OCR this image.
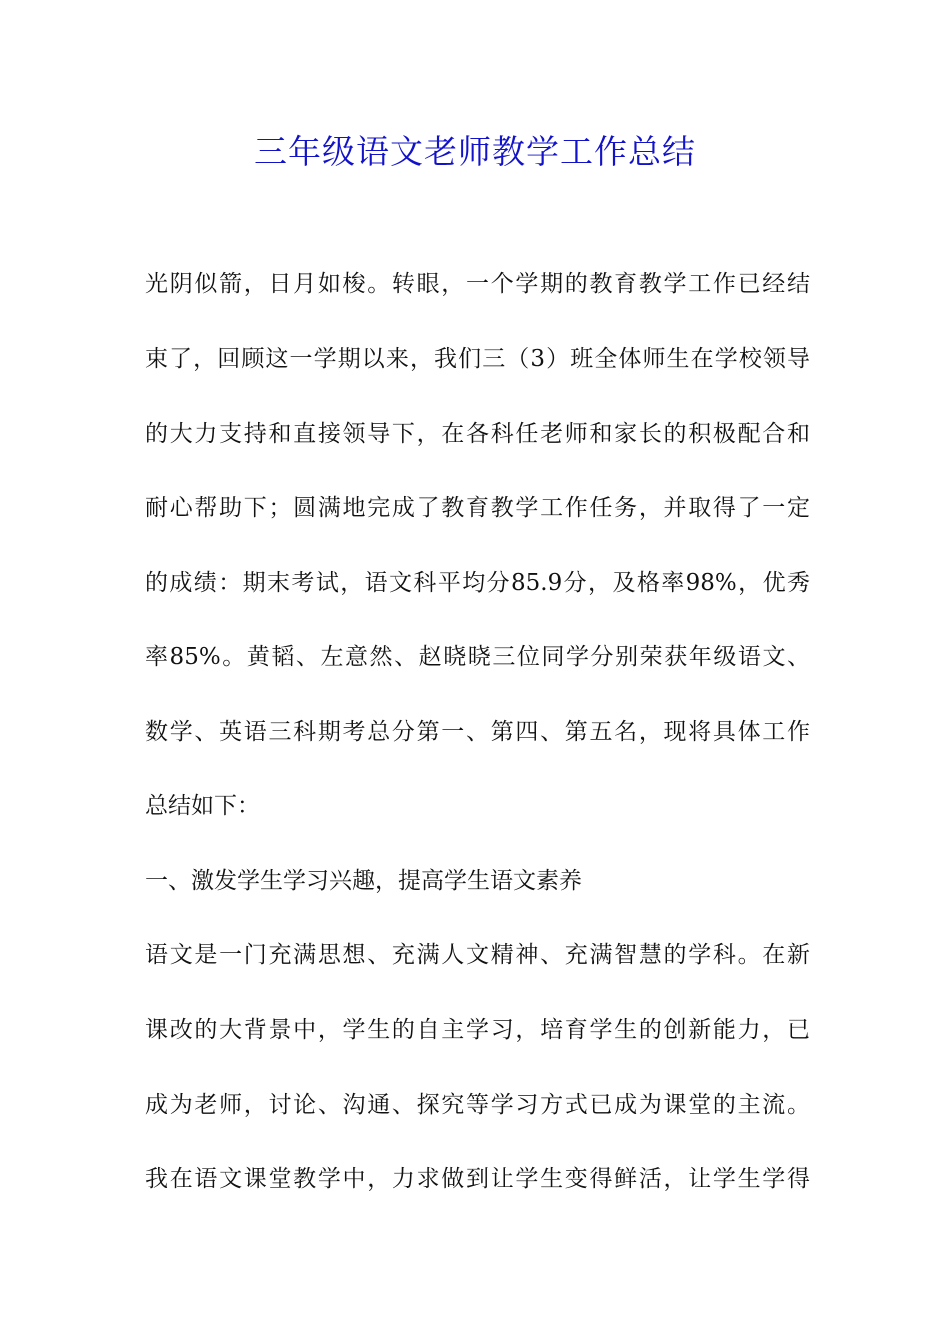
三年级语文老师教学工作总结
光阴似箭，日月如梭。转眼，一个学期的教育教学工作已经结
束了，回顾这一学期以来，我们三（3）班全体师生在学校领导
的大力支持和直接领导下，在各科任老师和家长的积极配合和
耐心帮助下；圆满地完成了教育教学工作任务，并取得了一定
的成绩：期末考试，语文科平均分85.9分，及格率98%，优秀
率85%。黄韬、左意然、赵晓晓三位同学分别荣获年级语文、
数学、英语三科期考总分第一、第四、第五名，现将具体工作
总结如下：
一、激发学生学习兴趣，提高学生语文素养
语文是一门充满思想、充满人文精神、充满智慧的学科。在新
课改的大背景中，学生的自主学习，培育学生的创新能力，已
成为老师，讨论、沟通、探究等学习方式已成为课堂的主流。
我在语文课堂教学中，力求做到让学生变得鲜活，让学生学得
